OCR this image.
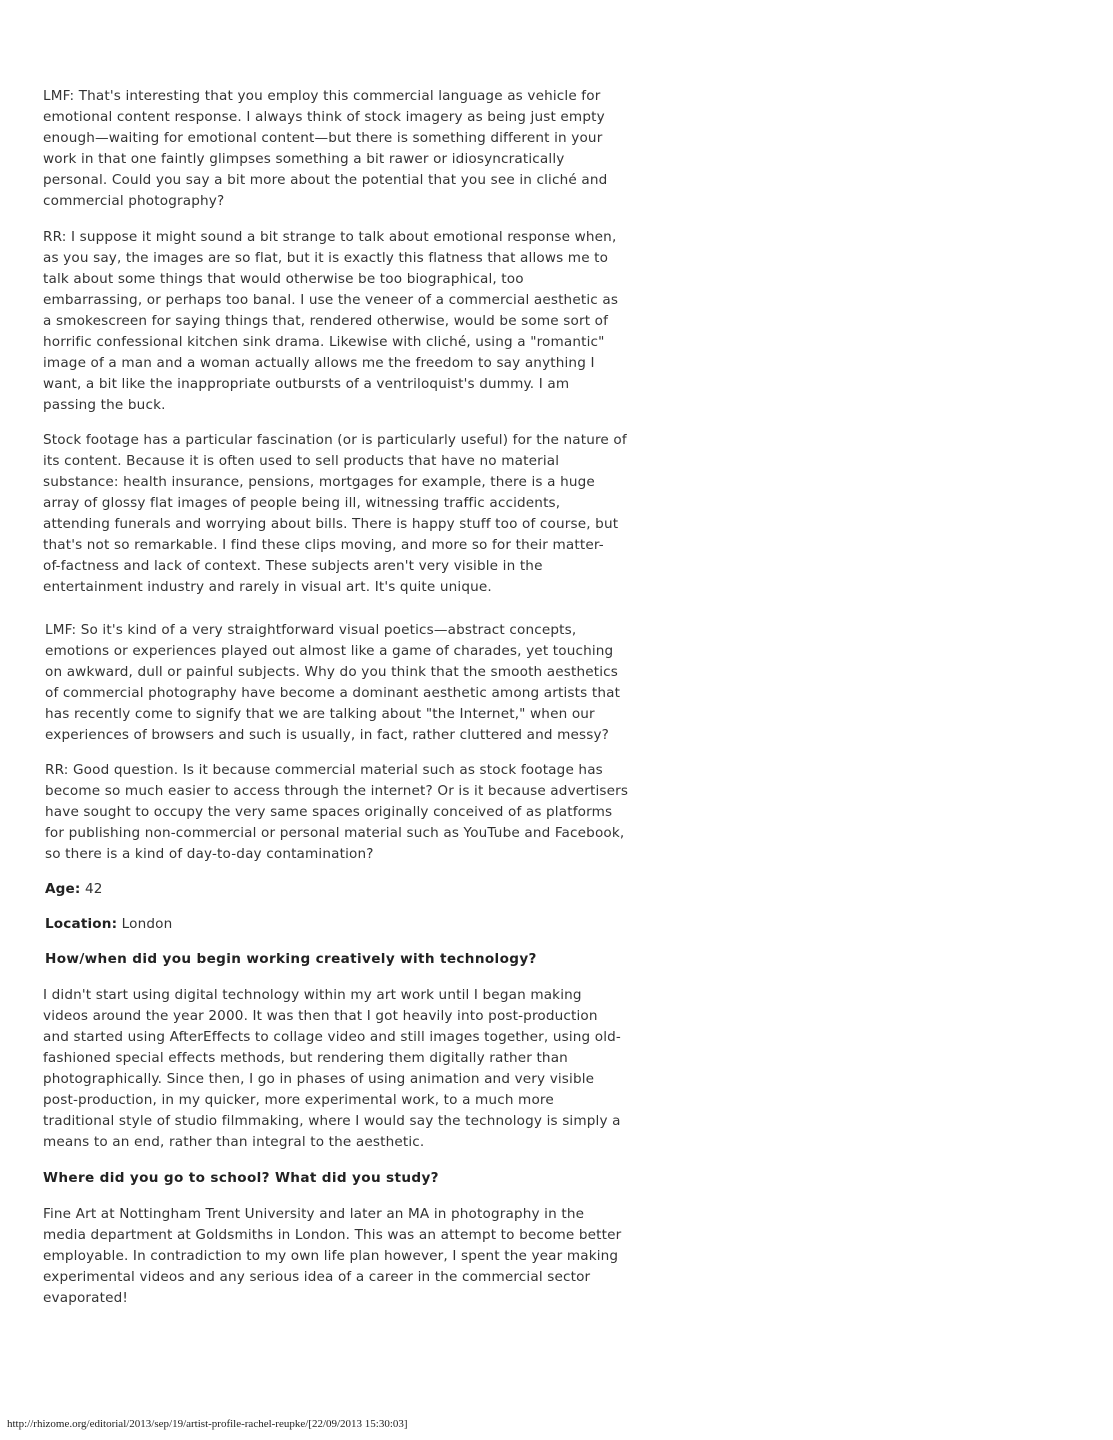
LMF: That's interesting that you employ this commercial language as vehicle for
emotional content response. I always think of stock imagery as being just empty
enough—waiting for emotional content—but there is something different in your
work in that one faintly glimpses something a bit rawer or idiosyncratically
personal. Could you say a bit more about the potential that you see in cliché and
commercial photography?
RR: I suppose it might sound a bit strange to talk about emotional response when,
as you say, the images are so flat, but it is exactly this flatness that allows me to
talk about some things that would otherwise be too biographical, too
embarrassing, or perhaps too banal. I use the veneer of a commercial aesthetic as
a smokescreen for saying things that, rendered otherwise, would be some sort of
horrific confessional kitchen sink drama. Likewise with cliché, using a "romantic"
image of a man and a woman actually allows me the freedom to say anything I
want, a bit like the inappropriate outbursts of a ventriloquist's dummy. I am
passing the buck.
Stock footage has a particular fascination (or is particularly useful) for the nature of
its content. Because it is often used to sell products that have no material
substance: health insurance, pensions, mortgages for example, there is a huge
array of glossy flat images of people being ill, witnessing traffic accidents,
attending funerals and worrying about bills. There is happy stuff too of course, but
that's not so remarkable. I find these clips moving, and more so for their matter-
of-factness and lack of context. These subjects aren't very visible in the
entertainment industry and rarely in visual art. It's quite unique.
LMF: So it's kind of a very straightforward visual poetics—abstract concepts,
emotions or experiences played out almost like a game of charades, yet touching
on awkward, dull or painful subjects. Why do you think that the smooth aesthetics
of commercial photography have become a dominant aesthetic among artists that
has recently come to signify that we are talking about "the Internet," when our
experiences of browsers and such is usually, in fact, rather cluttered and messy?
RR: Good question. Is it because commercial material such as stock footage has
become so much easier to access through the internet? Or is it because advertisers
have sought to occupy the very same spaces originally conceived of as platforms
for publishing non-commercial or personal material such as YouTube and Facebook,
so there is a kind of day-to-day contamination?
Age: 42
Location: London
How/when did you begin working creatively with technology?
I didn't start using digital technology within my art work until I began making
videos around the year 2000. It was then that I got heavily into post-production
and started using AfterEffects to collage video and still images together, using old-
fashioned special effects methods, but rendering them digitally rather than
photographically. Since then, I go in phases of using animation and very visible
post-production, in my quicker, more experimental work, to a much more
traditional style of studio filmmaking, where I would say the technology is simply a
means to an end, rather than integral to the aesthetic.
Where did you go to school? What did you study?
Fine Art at Nottingham Trent University and later an MA in photography in the
media department at Goldsmiths in London. This was an attempt to become better
employable. In contradiction to my own life plan however, I spent the year making
experimental videos and any serious idea of a career in the commercial sector
evaporated!
http://rhizome.org/editorial/2013/sep/19/artist-profile-rachel-reupke/[22/09/2013 15:30:03]
